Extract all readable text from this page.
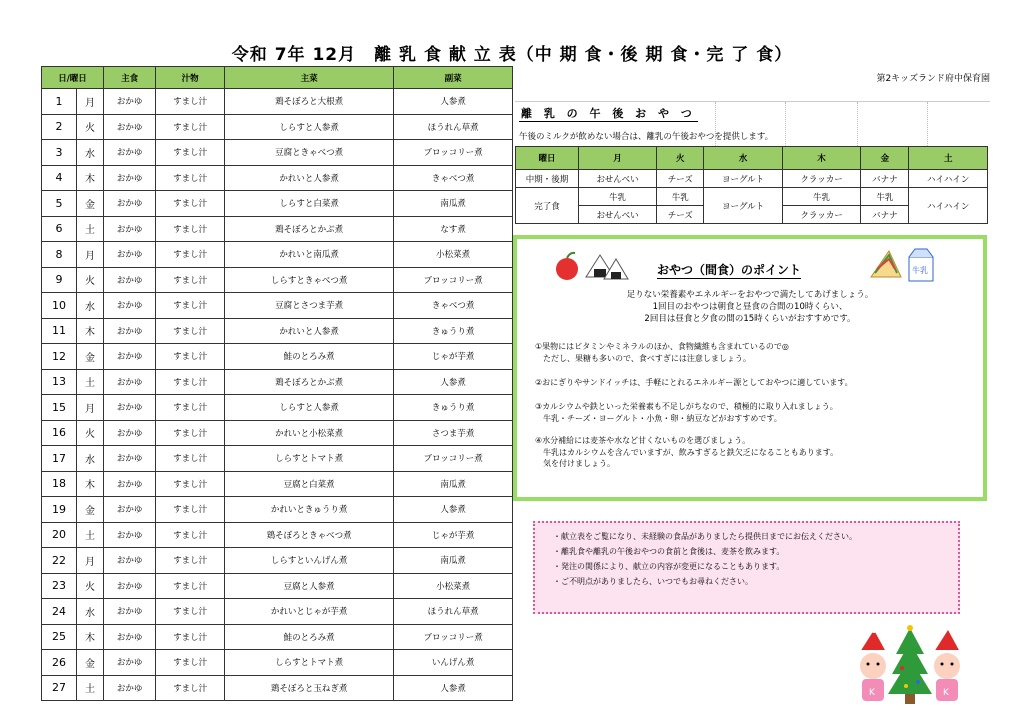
令和 7年 12月　離 乳 食 献 立 表（中 期 食・後 期 食・完 了 食）
第2キッズランド府中保育園
日/曜日		主食	汁物	主菜	副菜
1	月	おかゆ	すまし汁	鶏そぼろと大根煮	人参煮
2	火	おかゆ	すまし汁	しらすと人参煮	ほうれん草煮
3	水	おかゆ	すまし汁	豆腐ときゃべつ煮	ブロッコリー煮
4	木	おかゆ	すまし汁	かれいと人参煮	きゃべつ煮
5	金	おかゆ	すまし汁	しらすと白菜煮	南瓜煮
6	土	おかゆ	すまし汁	鶏そぼろとかぶ煮	なす煮
8	月	おかゆ	すまし汁	かれいと南瓜煮	小松菜煮
9	火	おかゆ	すまし汁	しらすときゃべつ煮	ブロッコリー煮
10	水	おかゆ	すまし汁	豆腐とさつま芋煮	きゃべつ煮
11	木	おかゆ	すまし汁	かれいと人参煮	きゅうり煮
12	金	おかゆ	すまし汁	鮭のとろみ煮	じゃが芋煮
13	土	おかゆ	すまし汁	鶏そぼろとかぶ煮	人参煮
15	月	おかゆ	すまし汁	しらすと人参煮	きゅうり煮
16	火	おかゆ	すまし汁	かれいと小松菜煮	さつま芋煮
17	水	おかゆ	すまし汁	しらすとトマト煮	ブロッコリー煮
18	木	おかゆ	すまし汁	豆腐と白菜煮	南瓜煮
19	金	おかゆ	すまし汁	かれいときゅうり煮	人参煮
20	土	おかゆ	すまし汁	鶏そぼろときゃべつ煮	じゃが芋煮
22	月	おかゆ	すまし汁	しらすといんげん煮	南瓜煮
23	火	おかゆ	すまし汁	豆腐と人参煮	小松菜煮
24	水	おかゆ	すまし汁	かれいとじゃが芋煮	ほうれん草煮
25	木	おかゆ	すまし汁	鮭のとろみ煮	ブロッコリー煮
26	金	おかゆ	すまし汁	しらすとトマト煮	いんげん煮
27	土	おかゆ	すまし汁	鶏そぼろと玉ねぎ煮	人参煮
離 乳 の 午 後 お や つ
午後のミルクが飲めない場合は、離乳の午後おやつを提供します。
曜日	月	火	水	木	金	土
中期・後期	おせんべい	チーズ	ヨーグルト	クラッカー	バナナ	ハイハイン
完了食	牛乳	牛乳	ヨーグルト	牛乳	牛乳	ハイハイン
	おせんべい	チーズ		クラッカー	バナナ	
おやつ（間食）のポイント	牛乳
足りない栄養素やエネルギーをおやつで満たしてあげましょう。
1回目のおやつは朝食と昼食の合間の10時くらい、
2回目は昼食と夕食の間の15時くらいがおすすめです。
①果物にはビタミンやミネラルのほか、食物繊維も含まれているので◎
　ただし、果糖も多いので、食べすぎには注意しましょう。
②おにぎりやサンドイッチは、手軽にとれるエネルギー源としておやつに適しています。
③カルシウムや鉄といった栄養素も不足しがちなので、積極的に取り入れましょう。
　牛乳・チーズ・ヨーグルト・小魚・卵・納豆などがおすすめです。
④水分補給には麦茶や水など甘くないものを選びましょう。
　牛乳はカルシウムを含んでいますが、飲みすぎると鉄欠乏になることもあります。
　気を付けましょう。
・ 献立表をご覧になり、未経験の食品がありましたら提供日までにお伝えください。
・ 離乳食や離乳の午後おやつの食前と食後は、麦茶を飲みます。
・ 発注の関係により、献立の内容が変更になることもあります。
・ ご不明点がありましたら、いつでもお尋ねください。
K	K
